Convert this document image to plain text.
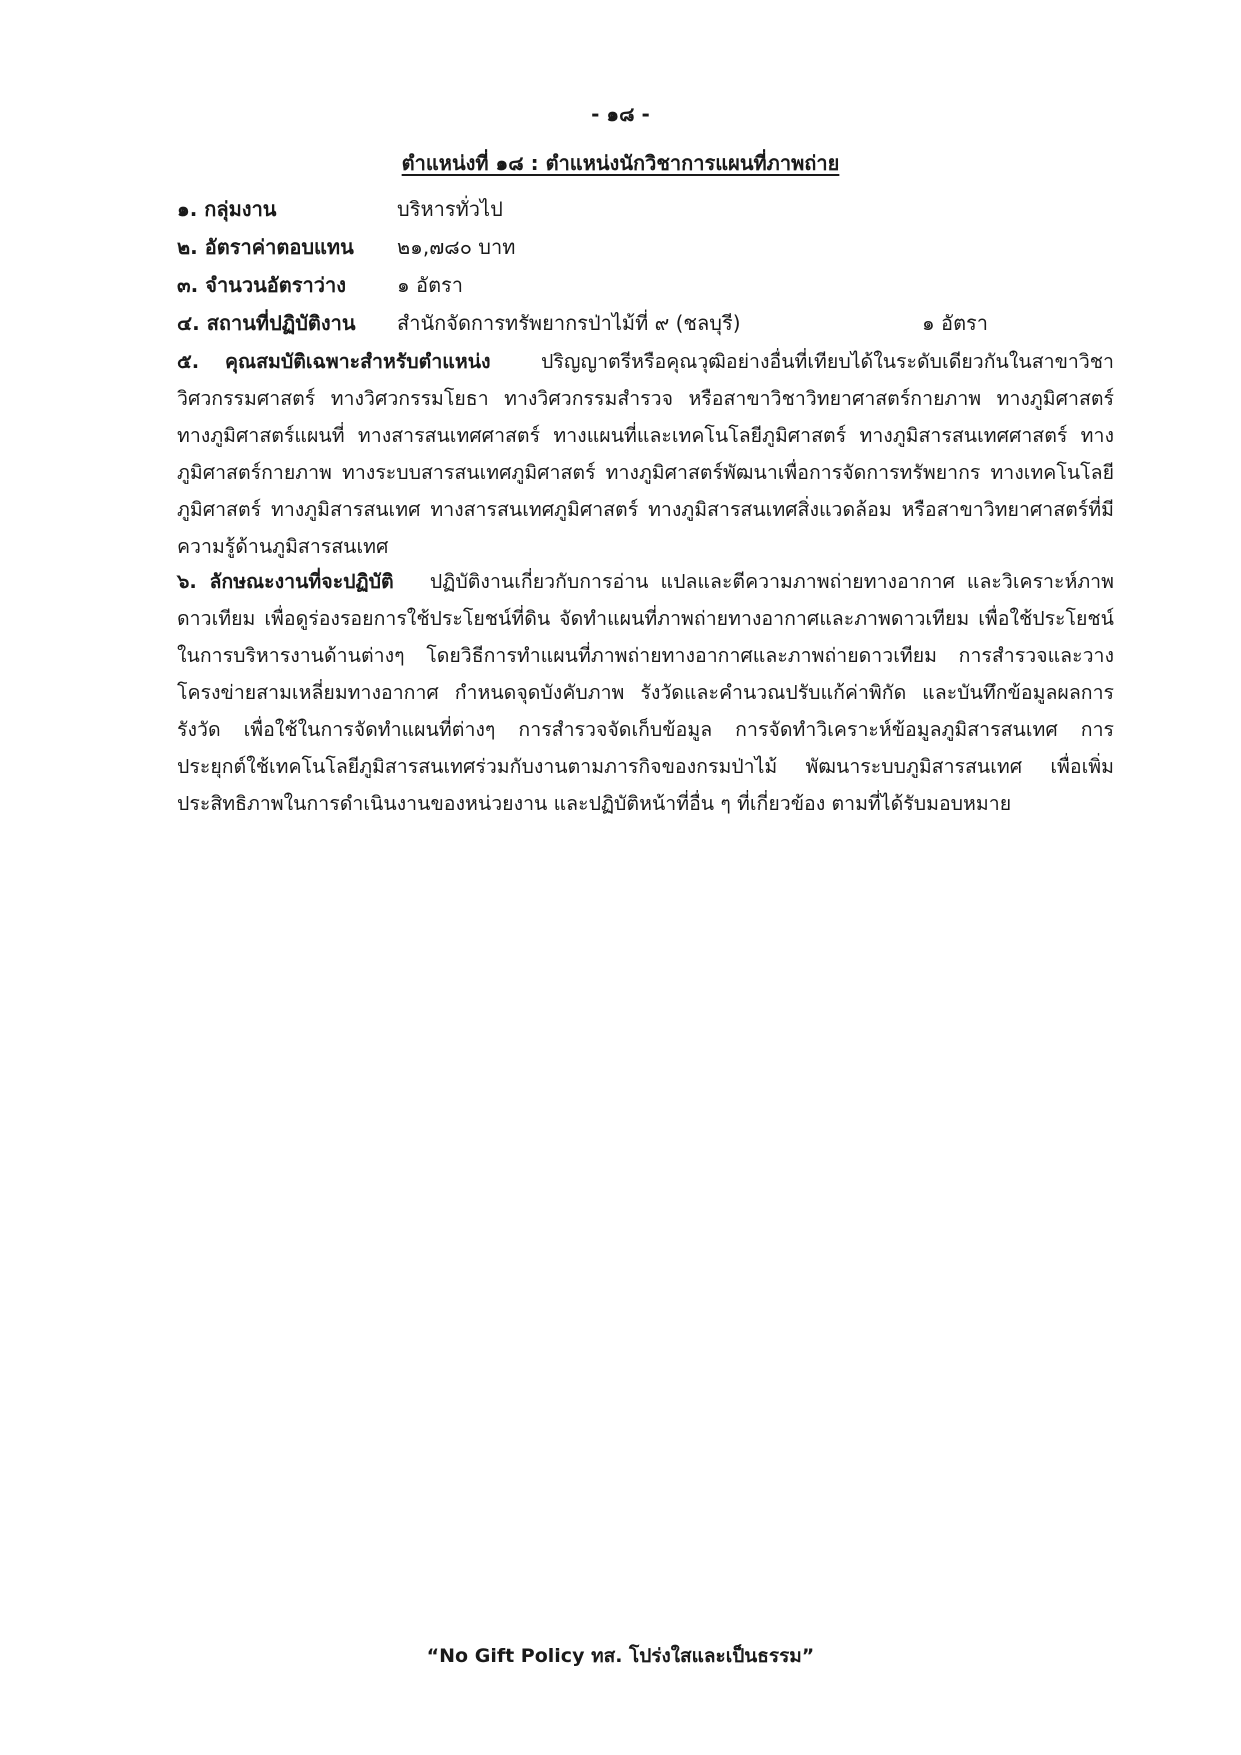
- ๑๘ -
ตำแหน่งที่ ๑๘ : ตำแหน่งนักวิชาการแผนที่ภาพถ่าย
๑. กลุ่มงาน	บริหารทั่วไป
๒. อัตราค่าตอบแทน ๒๑,๗๘๐ บาท
๓. จำนวนอัตราว่าง	๑ อัตรา
๔. สถานที่ปฏิบัติงาน สำนักจัดการทรัพยากรป่าไม้ที่ ๙ (ชลบุรี)	๑ อัตรา
๕. คุณสมบัติเฉพาะสำหรับตำแหน่ง	ปริญญาตรีหรือคุณวุฒิอย่างอื่นที่เทียบได้ในระดับเดียวกันในสาขาวิชาวิศวกรรมศาสตร์ ทางวิศวกรรมโยธา ทางวิศวกรรมสำรวจ หรือสาขาวิชาวิทยาศาสตร์กายภาพ ทางภูมิศาสตร์ ทางภูมิศาสตร์แผนที่ ทางสารสนเทศศาสตร์ ทางแผนที่และเทคโนโลยีภูมิศาสตร์ ทางภูมิสารสนเทศศาสตร์ ทางภูมิศาสตร์กายภาพ ทางระบบสารสนเทศภูมิศาสตร์ ทางภูมิศาสตร์พัฒนาเพื่อการจัดการทรัพยากร ทางเทคโนโลยีภูมิศาสตร์ ทางภูมิสารสนเทศ ทางสารสนเทศภูมิศาสตร์ ทางภูมิสารสนเทศสิ่งแวดล้อม หรือสาขาวิทยาศาสตร์ที่มีความรู้ด้านภูมิสารสนเทศ
๖. ลักษณะงานที่จะปฏิบัติ ปฏิบัติงานเกี่ยวกับการอ่าน แปลและตีความภาพถ่ายทางอากาศ และวิเคราะห์ภาพดาวเทียม เพื่อดูร่องรอยการใช้ประโยชน์ที่ดิน จัดทำแผนที่ภาพถ่ายทางอากาศและภาพดาวเทียม เพื่อใช้ประโยชน์ในการบริหารงานด้านต่างๆ โดยวิธีการทำแผนที่ภาพถ่ายทางอากาศและภาพถ่ายดาวเทียม การสำรวจและวางโครงข่ายสามเหลี่ยมทางอากาศ กำหนดจุดบังคับภาพ รังวัดและคำนวณปรับแก้ค่าพิกัด และบันทึกข้อมูลผลการรังวัด เพื่อใช้ในการจัดทำแผนที่ต่างๆ การสำรวจจัดเก็บข้อมูล การจัดทำวิเคราะห์ข้อมูลภูมิสารสนเทศ การประยุกต์ใช้เทคโนโลยีภูมิสารสนเทศร่วมกับงานตามภารกิจของกรมป่าไม้ พัฒนาระบบภูมิสารสนเทศ เพื่อเพิ่มประสิทธิภาพในการดำเนินงานของหน่วยงาน และปฏิบัติหน้าที่อื่น ๆ ที่เกี่ยวข้อง ตามที่ได้รับมอบหมาย
“No Gift Policy ทส. โปร่งใสและเป็นธรรม”
